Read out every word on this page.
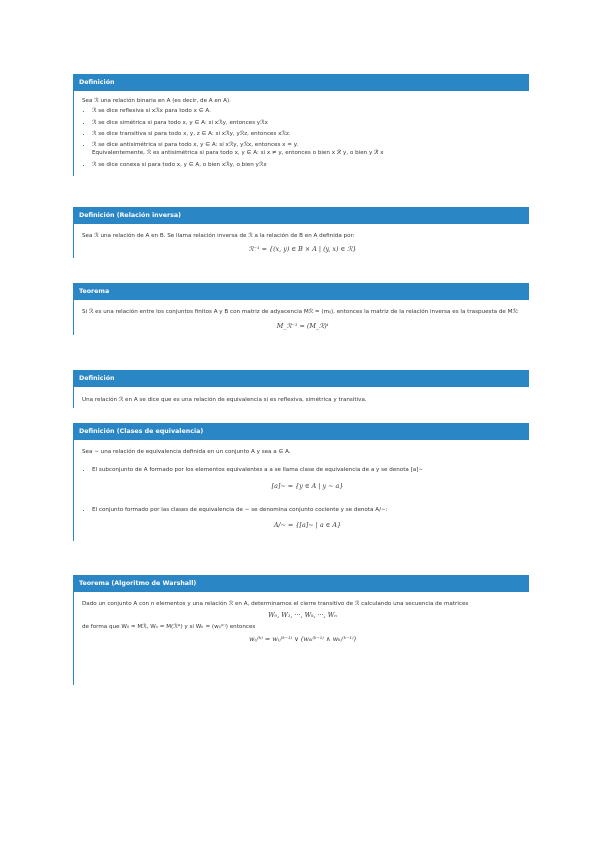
Definición

Sea ℛ una relación binaria en A (es decir, de A en A).

• ℛ se dice reflexiva si xℛx para todo x ∈ A.
• ℛ se dice simétrica si para todo x, y ∈ A: si xℛy, entonces yℛx
• ℛ se dice transitiva si para todo x, y, z ∈ A: si xℛy, yℛz, entonces xℛz.
• ℛ se dice antisimétrica si para todo x, y ∈ A: si xℛy, yℛx, entonces x = y.
Equivalentemente, ℛ es antisimétrica si para todo x, y ∈ A: si x ≠ y, entonces o bien x ℛ̸ y, o bien y ℛ̸ x
• ℛ se dice conexa si para todo x, y ∈ A, o bien xℛy, o bien yℛx
Definición (Relación inversa)

Sea ℛ una relación de A en B. Se llama relación inversa de ℛ a la relación de B en A definida por:

ℛ⁻¹ = {(x, y) ∈ B × A | (y, x) ∈ ℛ}

Teorema

Si ℛ es una relación entre los conjuntos finitos A y B con matriz de adyacencia Mℛ = (mᵢⱼ), entonces la matriz de la relación inversa es la traspuesta de Mℛ:

M_ℛ⁻¹ = (M_ℛ)ᵗ

Definición

Una relación ℛ en A se dice que es una relación de equivalencia si es reflexiva, simétrica y transitiva.

Definición (Clases de equivalencia)

Sea ∼ una relación de equivalencia definida en un conjunto A y sea a ∈ A.

• El subconjunto de A formado por los elementos equivalentes a a se llama clase de equivalencia de a y se denota [a]∼

[a]∼ = {y ∈ A | y ∼ a}

• El conjunto formado por las clases de equivalencia de ∼ se denomina conjunto cociente y se denota A/∼:

A/∼ = {[a]∼ | a ∈ A}

Teorema (Algoritmo de Warshall)

Dado un conjunto A con n elementos y una relación ℛ en A, determinamos el cierre transitivo de ℛ calculando una secuencia de matrices

W₀, W₁, ···, Wₖ, ···, Wₙ

de forma que W₀ = Mℛ, Wₙ = M(ℛ*) y si Wₖ = (wᵢⱼ⁽ᵏ⁾) entonces

wᵢⱼ⁽ᵏ⁾ = wᵢⱼ⁽ᵏ⁻¹⁾ ∨ (wᵢₖ⁽ᵏ⁻¹⁾ ∧ wₖⱼ⁽ᵏ⁻¹⁾)
